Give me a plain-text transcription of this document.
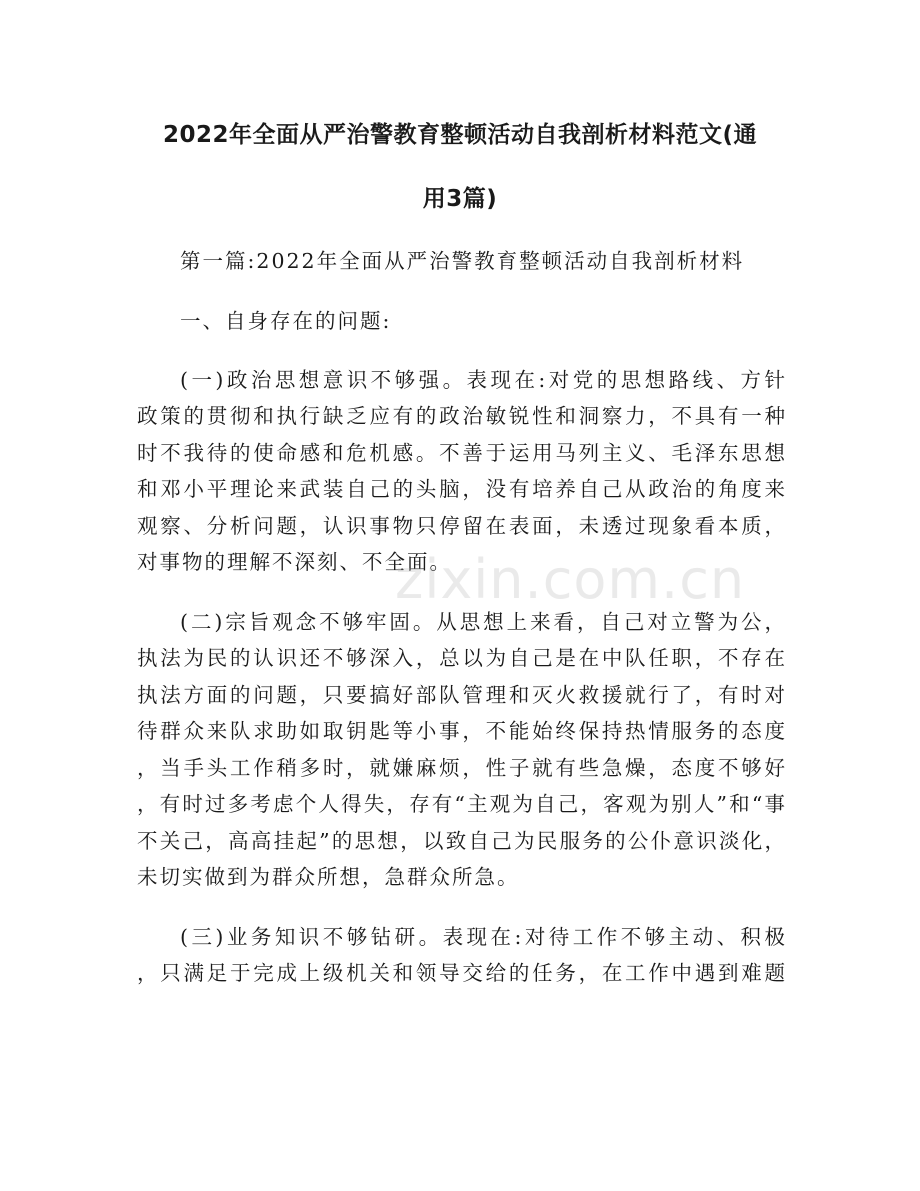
2022年全面从严治警教育整顿活动自我剖析材料范文(通
用3篇)
第一篇:2022年全面从严治警教育整顿活动自我剖析材料
一、自身存在的问题:
(一)政治思想意识不够强。表现在:对党的思想路线、方针
政策的贯彻和执行缺乏应有的政治敏锐性和洞察力，不具有一种
时不我待的使命感和危机感。不善于运用马列主义、毛泽东思想
和邓小平理论来武装自己的头脑，没有培养自己从政治的角度来
观察、分析问题，认识事物只停留在表面，未透过现象看本质，
对事物的理解不深刻、不全面。
(二)宗旨观念不够牢固。从思想上来看，自己对立警为公，
执法为民的认识还不够深入，总以为自己是在中队任职，不存在
执法方面的问题，只要搞好部队管理和灭火救援就行了，有时对
待群众来队求助如取钥匙等小事，不能始终保持热情服务的态度
，当手头工作稍多时，就嫌麻烦，性子就有些急燥，态度不够好
，有时过多考虑个人得失，存有“主观为自己，客观为别人”和“事
不关己，高高挂起”的思想，以致自己为民服务的公仆意识淡化，
未切实做到为群众所想，急群众所急。
(三)业务知识不够钻研。表现在:对待工作不够主动、积极
，只满足于完成上级机关和领导交给的任务，在工作中遇到难题
zixin.com.cn
